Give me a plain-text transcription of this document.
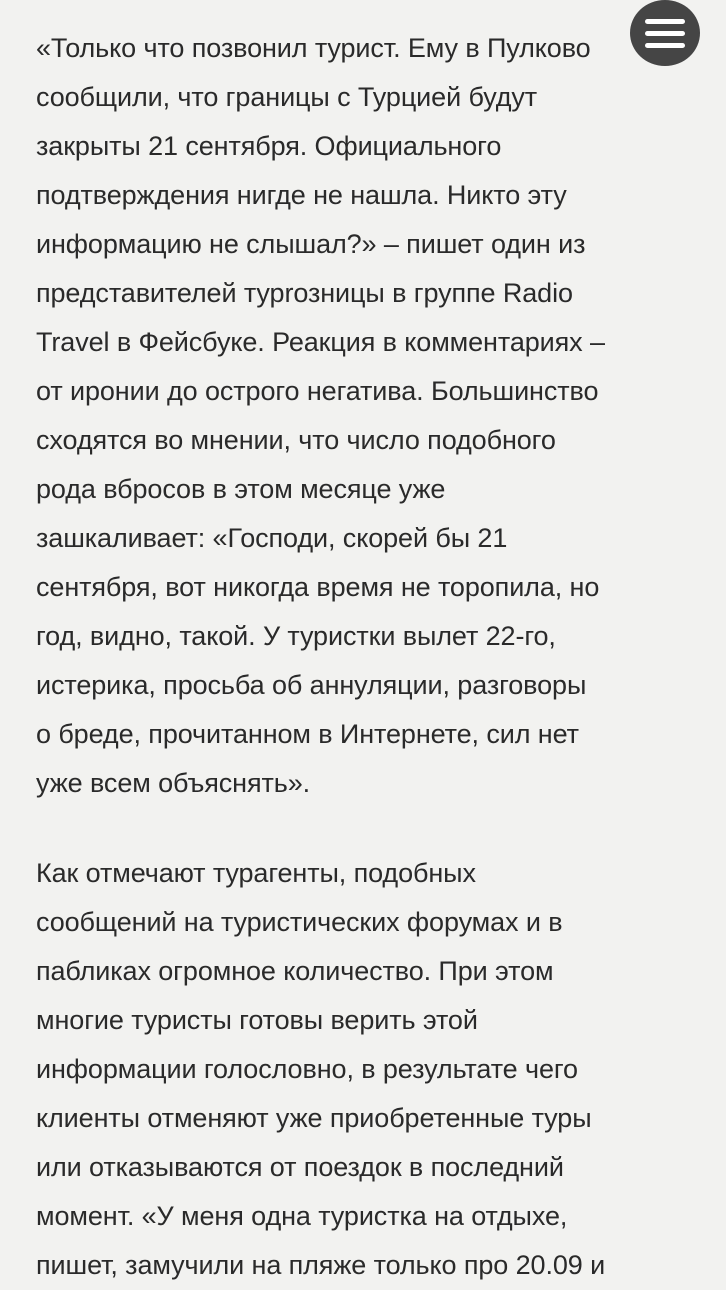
«Только что позвонил турист. Ему в Пулково
сообщили, что границы с Турцией будут
закрыты 21 сентября. Официального
подтверждения нигде не нашла. Никто эту
информацию не слышал?» – пишет один из
представителей турrозницы в группе Radio
Travel в Фейсбуке. Реакция в комментариях –
от иронии до острого негатива. Большинство
сходятся во мнении, что число подобного
рода вбросов в этом месяце уже
зашкаливает: «Господи, скорей бы 21
сентября, вот никогда время не торопила, но
год, видно, такой. У туристки вылет 22-го,
истерика, просьба об аннуляции, разговоры
о бреде, прочитанном в Интернете, сил нет
уже всем объяснять».

Как отмечают турагенты, подобных
сообщений на туристических форумах и в
пабликах огромное количество. При этом
многие туристы готовы верить этой
информации голословно, в результате чего
клиенты отменяют уже приобретенные туры
или отказываются от поездок в последний
момент. «У меня одна туристка на отдыхе,
пишет, замучили на пляже только про 20.09 и
